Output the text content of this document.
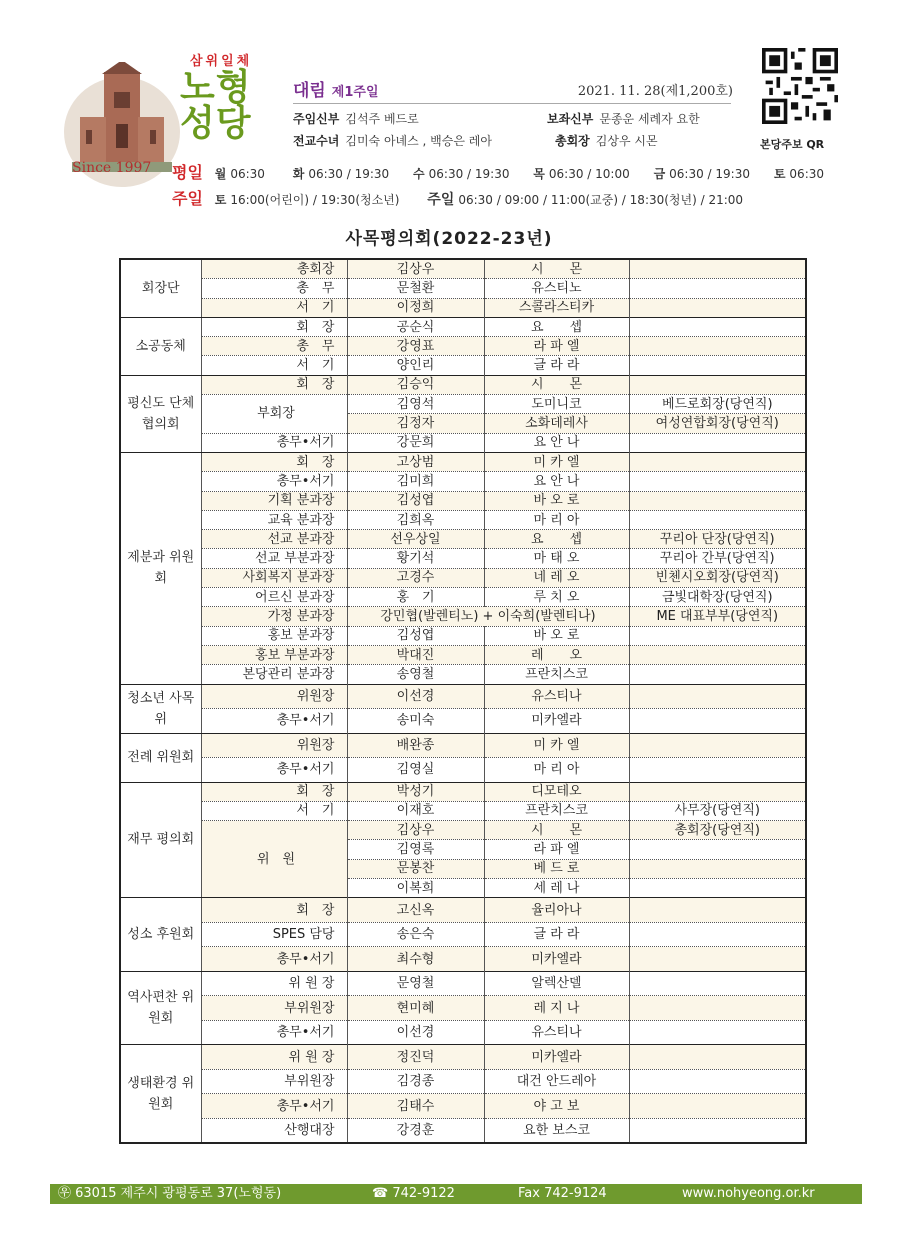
Since 1997
삼위일체
노형
성당
대림 제1주일	2021. 11. 28(제1,200호)
주임신부 김석주 베드로	보좌신부 문종운 세례자 요한
전교수녀 김미숙 아녜스 , 백승은 레아	총회장 김상우 시몬	본당주보 QR
평일 월 06:30 화 06:30 / 19:30 수 06:30 / 19:30 목 06:30 / 10:00 금 06:30 / 19:30 토 06:30
주일 토 16:00(어린이) / 19:30(청소년) 주일 06:30 / 09:00 / 11:00(교중) / 18:30(청년) / 21:00
사목평의회(2022-23년)
회장단	총회장	김상우	시　　몬	
	총　무	문철환	유스티노	
	서　기	이정희	스콜라스티카	
소공동체	회　장	공순식	요　　셉	
	총　무	강영표	라 파 엘	
	서　기	양인리	글 라 라	
평신도 단체 협의회	회　장	김승익	시　　몬	
	부회장	김영석	도미니코	베드로회장(당연직)
		김정자	소화데레사	여성연합회장(당연직)
	총무•서기	강문희	요 안 나	
제분과 위원회	회　장	고상범	미 카 엘	
	총무•서기	김미희	요 안 나	
	기획 분과장	김성엽	바 오 로	
	교육 분과장	김희옥	마 리 아	
	선교 분과장	선우상일	요　　셉	꾸리아 단장(당연직)
	선교 부분과장	황기석	마 태 오	꾸리아 간부(당연직)
	사회복지 분과장	고경수	네 레 오	빈첸시오회장(당연직)
	어르신 분과장	홍　기	루 치 오	금빛대학장(당연직)
	가정 분과장	강민협(발렌티노) + 이숙희(발렌티나)		ME 대표부부(당연직)
	홍보 분과장	김성엽	바 오 로	
	홍보 부분과장	박대진	레　　오	
	본당관리 분과장	송영철	프란치스코	
청소년 사목위	위원장	이선경	유스티나	
	총무•서기	송미숙	미카엘라	
전례 위원회	위원장	배완종	미 카 엘	
	총무•서기	김영실	마 리 아	
재무 평의회	회　장	박성기	디모테오	
	서　기	이재호	프란치스코	사무장(당연직)
	위　원	김상우	시　　몬	총회장(당연직)
		김영록	라 파 엘	
		문봉찬	베 드 로	
		이복희	세 레 나	
성소 후원회	회　장	고신옥	율리아나	
	SPES 담당	송은숙	글 라 라	
	총무•서기	최수형	미카엘라	
역사편찬 위원회	위 원 장	문영철	알렉산델	
	부위원장	현미혜	레 지 나	
	총무•서기	이선경	유스티나	
생태환경 위원회	위 원 장	정진덕	미카엘라	
	부위원장	김경종	대건 안드레아	
	총무•서기	김태수	야 고 보	
	산행대장	강경훈	요한 보스코	
㉾ 63015 제주시 광평동로 37(노형동)	☎ 742-9122	Fax 742-9124	www.nohyeong.or.kr
